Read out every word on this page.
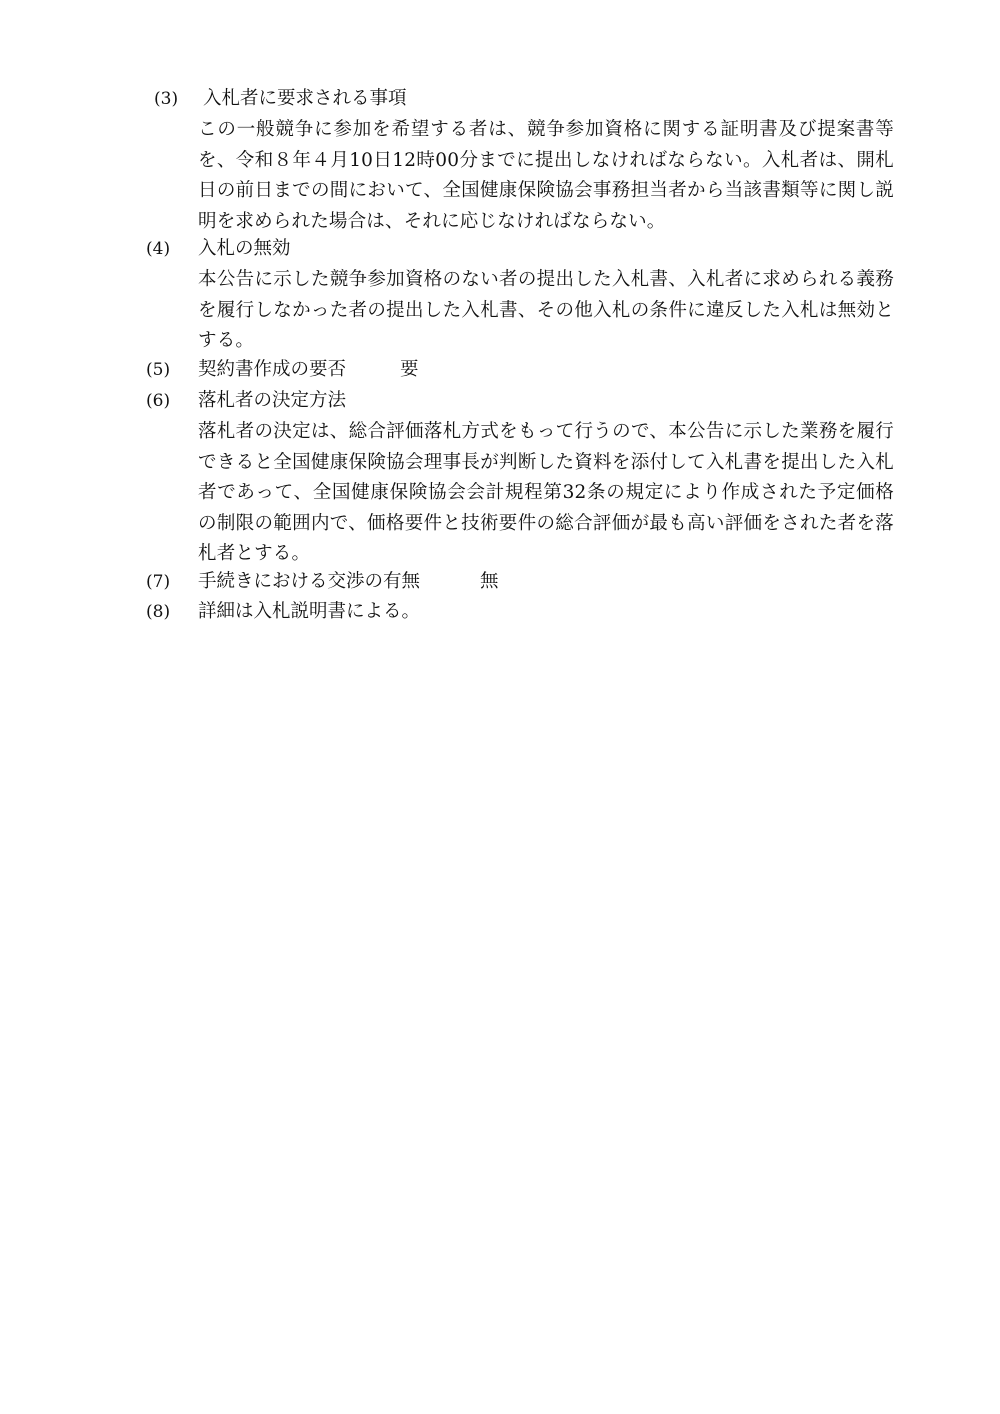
(3)	入札者に要求される事項
この一般競争に参加を希望する者は、競争参加資格に関する証明書及び提案書等を、令和８年４月10日12時00分までに提出しなければならない。入札者は、開札日の前日までの間において、全国健康保険協会事務担当者から当該書類等に関し説明を求められた場合は、それに応じなければならない。
(4)	入札の無効
本公告に示した競争参加資格のない者の提出した入札書、入札者に求められる義務を履行しなかった者の提出した入札書、その他入札の条件に違反した入札は無効とする。
(5)	契約書作成の要否	要
(6)	落札者の決定方法
落札者の決定は、総合評価落札方式をもって行うので、本公告に示した業務を履行できると全国健康保険協会理事長が判断した資料を添付して入札書を提出した入札者であって、全国健康保険協会会計規程第32条の規定により作成された予定価格の制限の範囲内で、価格要件と技術要件の総合評価が最も高い評価をされた者を落札者とする。
(7)	手続きにおける交渉の有無	無
(8)	詳細は入札説明書による。
